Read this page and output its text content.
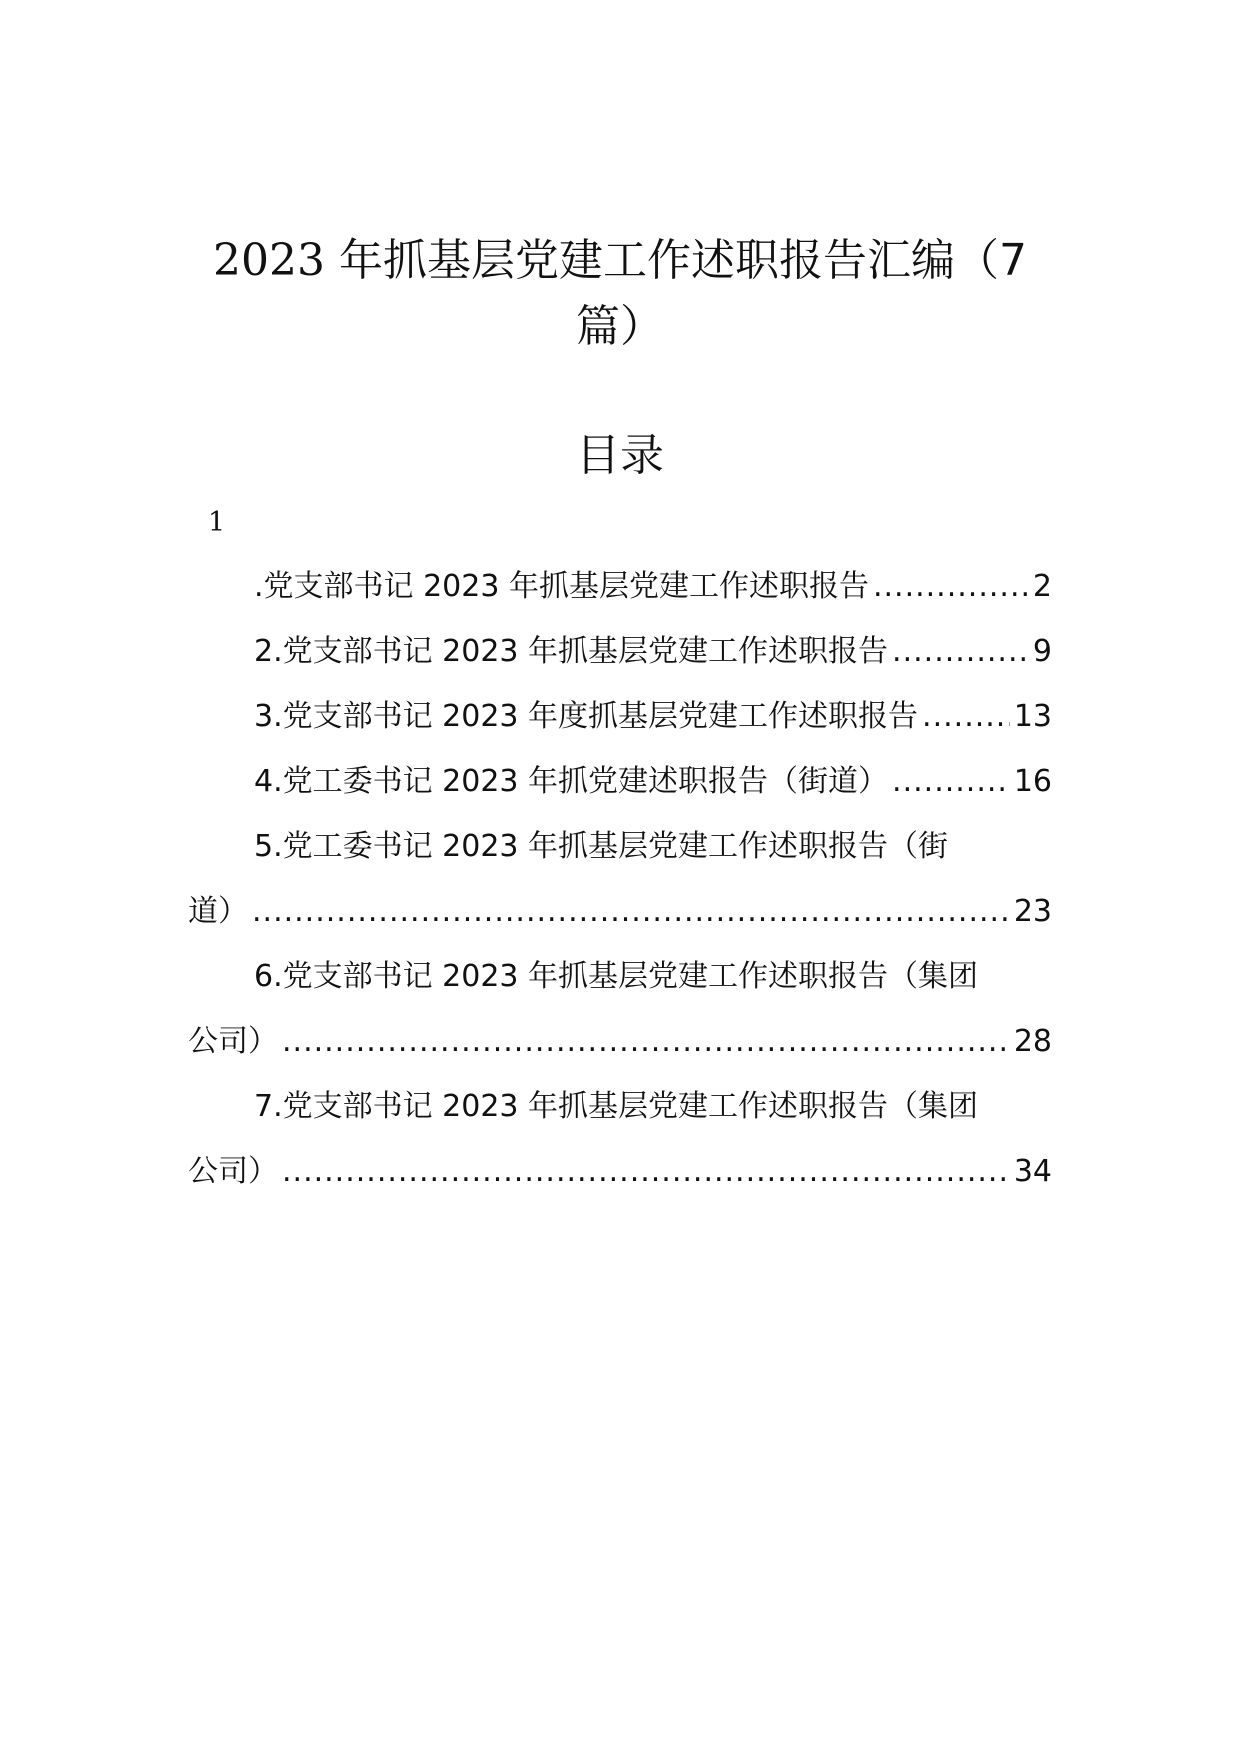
2023 年抓基层党建工作述职报告汇编（7
篇）
目录
1
.党支部书记 2023 年抓基层党建工作述职报告 .....	2
2.党支部书记 2023 年抓基层党建工作述职报告 .....	9
3.党支部书记 2023 年度抓基层党建工作述职报告 .....	13
4.党工委书记 2023 年抓党建述职报告（街道） .....	16
5.党工委书记 2023 年抓基层党建工作述职报告（街
道） .....	23
6.党支部书记 2023 年抓基层党建工作述职报告（集团
公司） .....	28
7.党支部书记 2023 年抓基层党建工作述职报告（集团
公司） .....	34
